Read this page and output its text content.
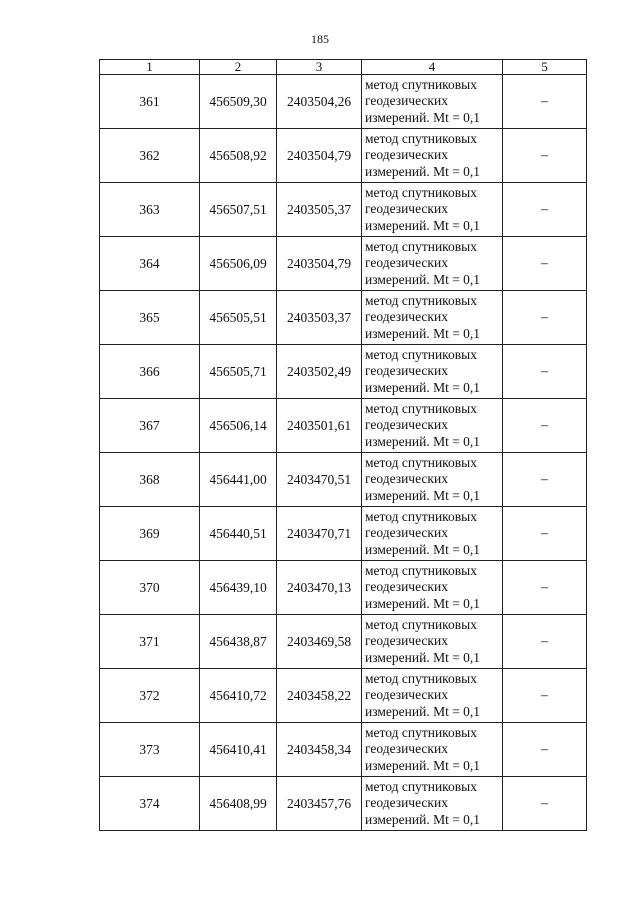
185
1	2	3	4	5
361	456509,30	2403504,26	метод спутниковых
геодезических
измерений. Mt = 0,1	–
362	456508,92	2403504,79	метод спутниковых
геодезических
измерений. Mt = 0,1	–
363	456507,51	2403505,37	метод спутниковых
геодезических
измерений. Mt = 0,1	–
364	456506,09	2403504,79	метод спутниковых
геодезических
измерений. Mt = 0,1	–
365	456505,51	2403503,37	метод спутниковых
геодезических
измерений. Mt = 0,1	–
366	456505,71	2403502,49	метод спутниковых
геодезических
измерений. Mt = 0,1	–
367	456506,14	2403501,61	метод спутниковых
геодезических
измерений. Mt = 0,1	–
368	456441,00	2403470,51	метод спутниковых
геодезических
измерений. Mt = 0,1	–
369	456440,51	2403470,71	метод спутниковых
геодезических
измерений. Mt = 0,1	–
370	456439,10	2403470,13	метод спутниковых
геодезических
измерений. Mt = 0,1	–
371	456438,87	2403469,58	метод спутниковых
геодезических
измерений. Mt = 0,1	–
372	456410,72	2403458,22	метод спутниковых
геодезических
измерений. Mt = 0,1	–
373	456410,41	2403458,34	метод спутниковых
геодезических
измерений. Mt = 0,1	–
374	456408,99	2403457,76	метод спутниковых
геодезических
измерений. Mt = 0,1	–
